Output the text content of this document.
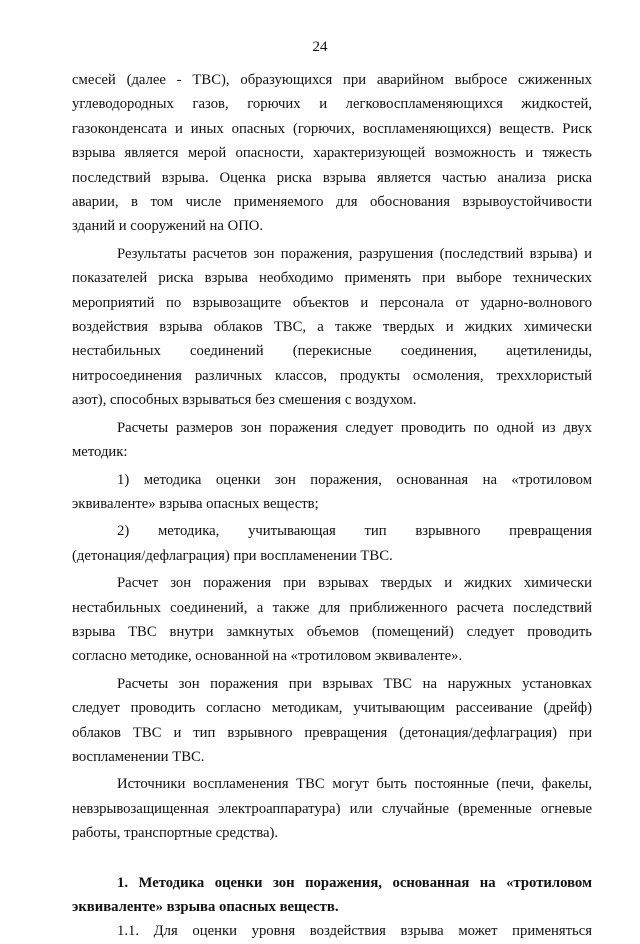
24

смесей (далее - ТВС), образующихся при аварийном выбросе сжиженных
углеводородных газов, горючих и легковоспламеняющихся жидкостей,
газоконденсата и иных опасных (горючих, воспламеняющихся) веществ. Риск
взрыва является мерой опасности, характеризующей возможность и тяжесть
последствий взрыва. Оценка риска взрыва является частью анализа риска
аварии, в том числе применяемого для обоснования взрывоустойчивости
зданий и сооружений на ОПО.

Результаты расчетов зон поражения, разрушения (последствий взрыва) и
показателей риска взрыва необходимо применять при выборе технических
мероприятий по взрывозащите объектов и персонала от ударно-волнового
воздействия взрыва облаков ТВС, а также твердых и жидких химически
нестабильных соединений (перекисные соединения, ацетилениды,
нитросоединения различных классов, продукты осмоления, треххлористый
азот), способных взрываться без смешения с воздухом.

Расчеты размеров зон поражения следует проводить по одной из двух
методик:

1) методика оценки зон поражения, основанная на «тротиловом
эквиваленте» взрыва опасных веществ;

2) методика, учитывающая тип взрывного превращения
(детонация/дефлаграция) при воспламенении ТВС.

Расчет зон поражения при взрывах твердых и жидких химически
нестабильных соединений, а также для приближенного расчета последствий
взрыва ТВС внутри замкнутых объемов (помещений) следует проводить
согласно методике, основанной на «тротиловом эквиваленте».

Расчеты зон поражения при взрывах ТВС на наружных установках
следует проводить согласно методикам, учитывающим рассеивание (дрейф)
облаков ТВС и тип взрывного превращения (детонация/дефлаграция) при
воспламенении ТВС.

Источники воспламенения ТВС могут быть постоянные (печи, факелы,
невзрывозащищенная электроаппаратура) или случайные (временные огневые
работы, транспортные средства).

1. Методика оценки зон поражения, основанная на «тротиловом
эквиваленте» взрыва опасных веществ.

1.1. Для оценки уровня воздействия взрыва может применяться
